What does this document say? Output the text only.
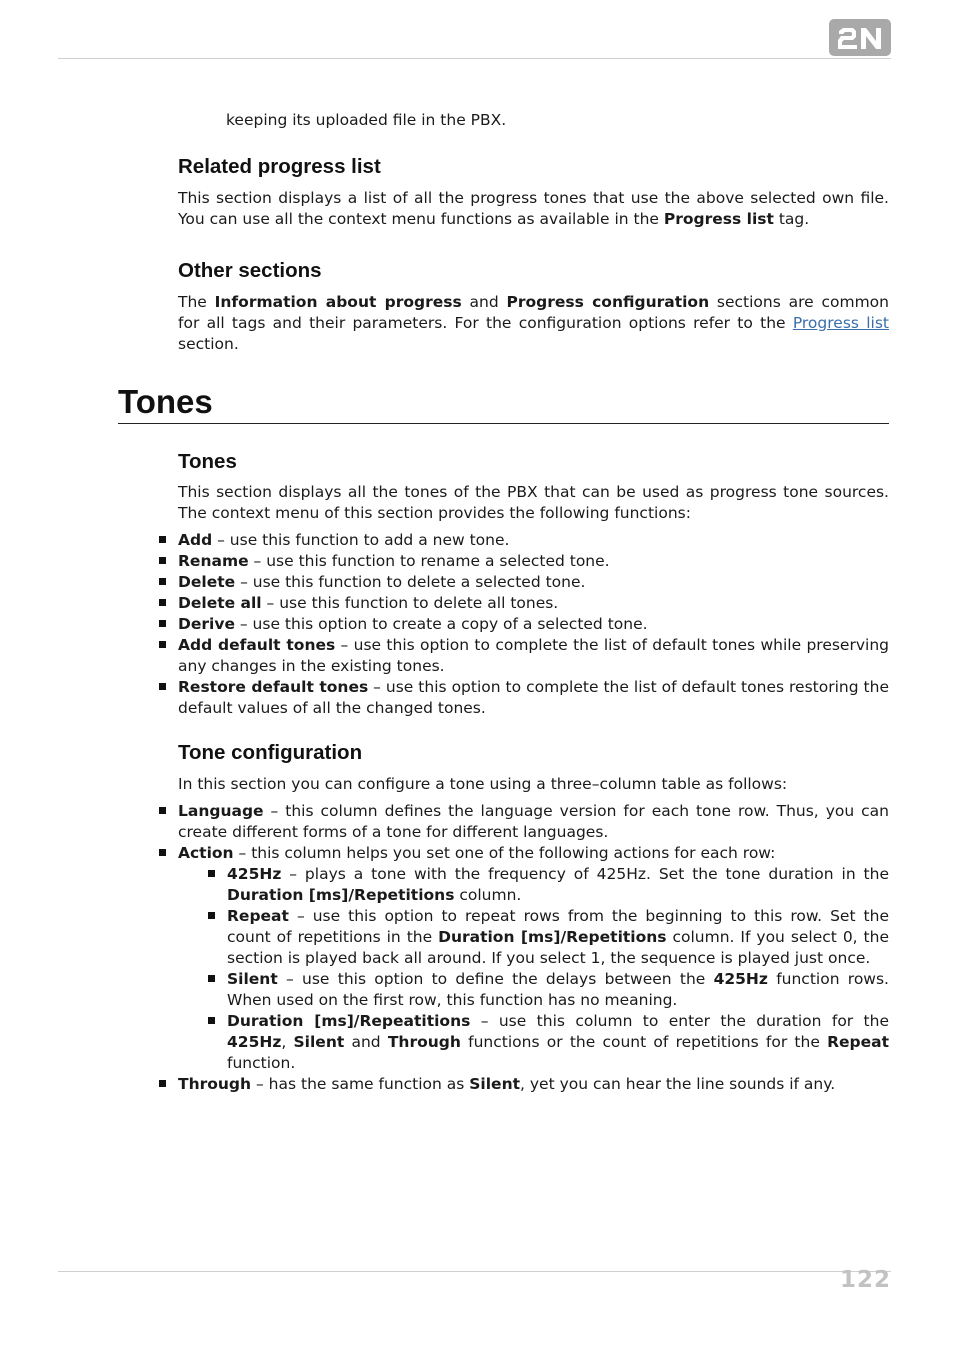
keeping its uploaded file in the PBX.

Related progress list

This section displays a list of all the progress tones that use the above selected own file. You can use all the context menu functions as available in the Progress list tag.

Other sections

The Information about progress and Progress configuration sections are common for all tags and their parameters. For the configuration options refer to the Progress list section.

Tones
Tones

This section displays all the tones of the PBX that can be used as progress tone sources. The context menu of this section provides the following functions:

Add – use this function to add a new tone.
Rename – use this function to rename a selected tone.
Delete – use this function to delete a selected tone.
Delete all – use this function to delete all tones.
Derive – use this option to create a copy of a selected tone.
Add default tones – use this option to complete the list of default tones while preserving any changes in the existing tones.
Restore default tones – use this option to complete the list of default tones restoring the default values of all the changed tones.
Tone configuration

In this section you can configure a tone using a three–column table as follows:

Language – this column defines the language version for each tone row. Thus, you can create different forms of a tone for different languages.
Action – this column helps you set one of the following actions for each row:
425Hz – plays a tone with the frequency of 425Hz. Set the tone duration in the Duration [ms]/Repetitions column.
Repeat – use this option to repeat rows from the beginning to this row. Set the count of repetitions in the Duration [ms]/Repetitions column. If you select 0, the section is played back all around. If you select 1, the sequence is played just once.
Silent – use this option to define the delays between the 425Hz function rows. When used on the first row, this function has no meaning.
Duration [ms]/Repeatitions – use this column to enter the duration for the 425Hz, Silent and Through functions or the count of repetitions for the Repeat function.
Through – has the same function as Silent, yet you can hear the line sounds if any.
122
